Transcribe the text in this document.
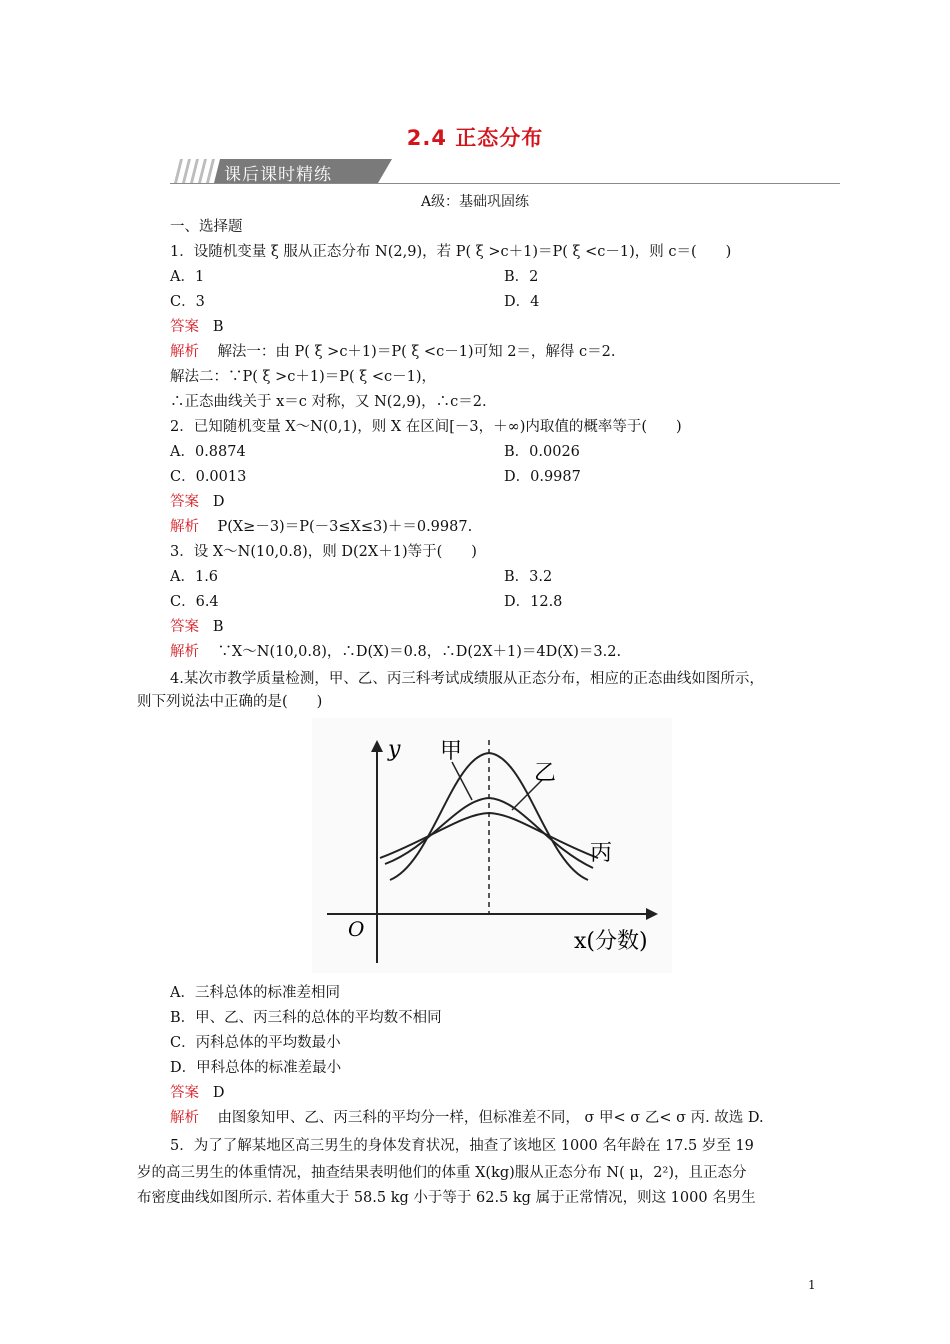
2.4 正态分布
课后课时精练
A级：基础巩固练
一、选择题
1．设随机变量 ξ 服从正态分布 N(2,9)，若 P( ξ >c＋1)＝P( ξ <c－1)，则 c＝(　　)
A．1	B．2
C．3	D．4
答案 B
解析 解法一：由 P( ξ >c＋1)＝P( ξ <c－1)可知 2＝，解得 c＝2.
解法二：∵P( ξ >c＋1)＝P( ξ <c－1)，
∴正态曲线关于 x＝c 对称，又 N(2,9)，∴c＝2.
2．已知随机变量 X～N(0,1)，则 X 在区间[－3，＋∞)内取值的概率等于(　　)
A．0.8874	B．0.0026
C．0.0013	D．0.9987
答案 D
解析 P(X≥－3)＝P(－3≤X≤3)＋＝0.9987.
3．设 X～N(10,0.8)，则 D(2X＋1)等于(　　)
A．1.6	B．3.2
C．6.4	D．12.8
答案 B
解析 ∵X～N(10,0.8)，∴D(X)＝0.8，∴D(2X＋1)＝4D(X)＝3.2.
4.某次市教学质量检测，甲、乙、丙三科考试成绩服从正态分布，相应的正态曲线如图所示，
则下列说法中正确的是(　　)
y
O	x(分数)
甲
乙
丙
A．三科总体的标准差相同
B．甲、乙、丙三科的总体的平均数不相同
C．丙科总体的平均数最小
D．甲科总体的标准差最小
答案 D
解析 由图象知甲、乙、丙三科的平均分一样，但标准差不同， σ 甲< σ 乙< σ 丙. 故选 D.
5．为了了解某地区高三男生的身体发育状况，抽查了该地区 1000 名年龄在 17.5 岁至 19
岁的高三男生的体重情况，抽查结果表明他们的体重 X(kg)服从正态分布 N( μ，2²)，且正态分
布密度曲线如图所示. 若体重大于 58.5 kg 小于等于 62.5 kg 属于正常情况，则这 1000 名男生
1
